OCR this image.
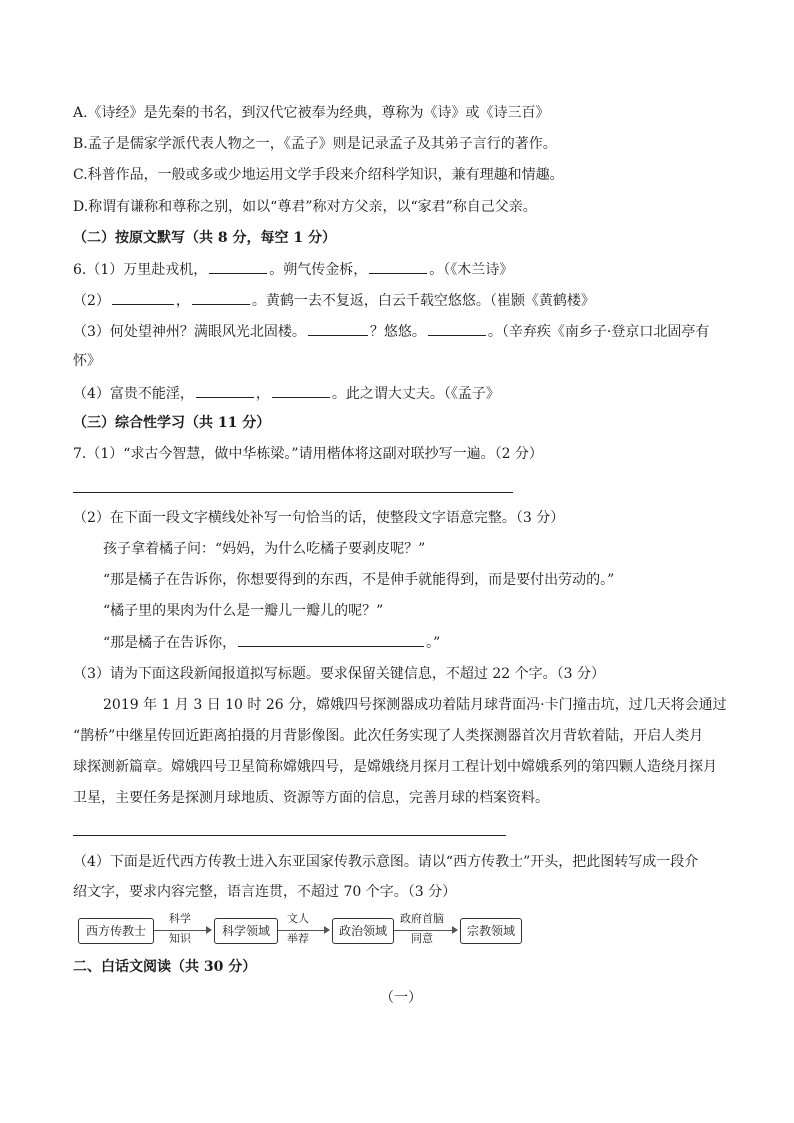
A.《诗经》是先秦的书名，到汉代它被奉为经典，尊称为《诗》或《诗三百》
B.孟子是儒家学派代表人物之一，《孟子》则是记录孟子及其弟子言行的著作。
C.科普作品，一般或多或少地运用文学手段来介绍科学知识，兼有理趣和情趣。
D.称谓有谦称和尊称之别，如以“尊君”称对方父亲，以“家君”称自己父亲。
（二）按原文默写（共 8 分，每空 1 分）
6.（1）万里赴戎机，	。朔气传金柝，	。（《木兰诗》
（2）	，	。黄鹤一去不复返，白云千载空悠悠。（崔颢《黄鹤楼》
（3）何处望神州？满眼风光北固楼。	？悠悠。	。（辛弃疾《南乡子·登京口北固亭有
怀》
（4）富贵不能淫，	，	。此之谓大丈夫。（《孟子》
（三）综合性学习（共 11 分）
7.（1）“求古今智慧，做中华栋梁。”请用楷体将这副对联抄写一遍。（2 分）
（2）在下面一段文字横线处补写一句恰当的话，使整段文字语意完整。（3 分）
孩子拿着橘子问：“妈妈，为什么吃橘子要剥皮呢？”
“那是橘子在告诉你，你想要得到的东西，不是伸手就能得到，而是要付出劳动的。”
“橘子里的果肉为什么是一瓣儿一瓣儿的呢？”
“那是橘子在告诉你，	。”
（3）请为下面这段新闻报道拟写标题。要求保留关键信息，不超过 22 个字。（3 分）
2019 年 1 月 3 日 10 时 26 分，嫦娥四号探测器成功着陆月球背面冯·卡门撞击坑，过几天将会通过
“鹊桥”中继星传回近距离拍摄的月背影像图。此次任务实现了人类探测器首次月背软着陆，开启人类月
球探测新篇章。嫦娥四号卫星简称嫦娥四号，是嫦娥绕月探月工程计划中嫦娥系列的第四颗人造绕月探月
卫星，主要任务是探测月球地质、资源等方面的信息，完善月球的档案资料。
（4）下面是近代西方传教士进入东亚国家传教示意图。请以“西方传教士”开头，把此图转写成一段介
绍文字，要求内容完整，语言连贯，不超过 70 个字。（3 分）
西方传教士
科学
知识
科学领域
文人
举荐
政治领域
政府首脑
同意
宗教领域
二、白话文阅读（共 30 分）
（一）
